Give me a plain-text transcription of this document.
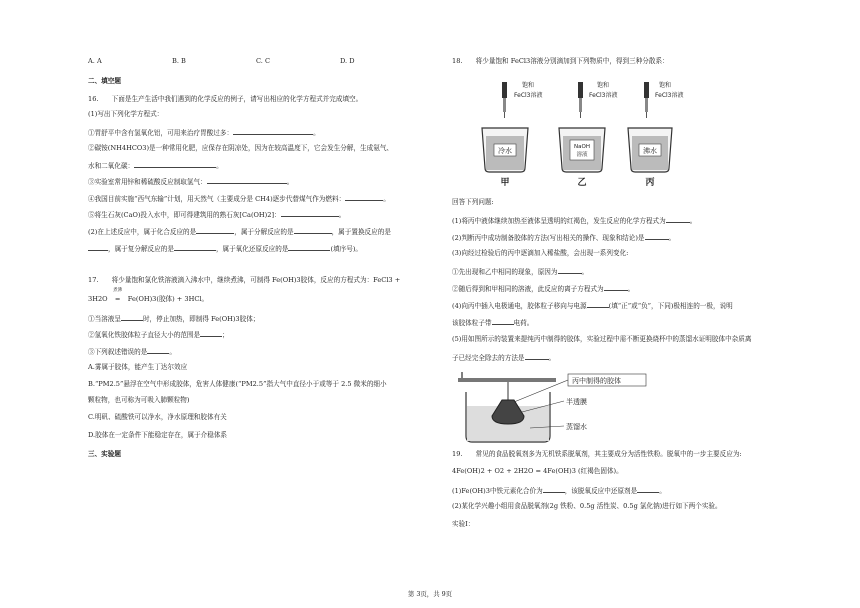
A. A	B. B	C. C	D. D
二、填空题
16.　　下面是生产生活中我们遇到的化学反应的例子，请写出相应的化学方程式并完成填空。
(1)写出下列化学方程式：
①胃舒平中含有氢氧化铝，可用来治疗胃酸过多：	。
②碳铵(NH4HCO3)是一种常用化肥，应保存在阴凉处，因为在较高温度下，它会发生分解，生成氨气、
水和二氧化碳：	。
③实验室常用锌和稀硫酸反应制取氢气：	。
④我国目前实施“西气东输”计划，用天然气（主要成分是 CH4)逐步代替煤气作为燃料：	。
⑤将生石灰(CaO)投入水中，即可得建筑用的熟石灰[Ca(OH)2]：	。
(2)在上述反应中，属于化合反应的是	，属于分解反应的是	，属于置换反应的是
，属于复分解反应的是	，属于氧化还原反应的是	(填序号)。
17.　　将少量饱和氯化铁溶液滴入沸水中，继续煮沸，可制得 Fe(OH)3胶体，反应的方程式为：FeCl3 +
3H2O
煮沸
= Fe(OH)3(胶体) + 3HCl。
①当溶液呈	时，停止加热，即制得 Fe(OH)3胶体；
②氢氧化铁胶体粒子直径大小的范围是	；
③下列叙述错误的是	。
A.雾属于胶体，能产生丁达尔效应
B.“PM2.5”悬浮在空气中形成胶体，危害人体健康(“PM2.5”指大气中直径小于或等于 2.5 微米的细小
颗粒物，也可称为可吸入肺颗粒物)
C.明矾、硫酸铁可以净水，净水原理和胶体有关
D.胶体在一定条件下能稳定存在，属于介稳体系
三、实验题
18.　　将少量饱和 FeCl3溶液分别滴加到下列物质中，得到三种分散系：
饱和
FeCl3溶液
饱和
FeCl3溶液
饱和
FeCl3溶液
冷水	NaOH
溶液	沸水
甲	乙	丙
回答下列问题:
(1)将丙中液体继续加热至液体呈透明的红褐色，发生反应的化学方程式为	。
(2)判断丙中成功制备胶体的方法(写出相关的操作、现象和结论)是	。
(3)向经过检验后的丙中逐滴加入稀盐酸，会出现一系列变化:
①先出现和乙中相同的现象，原因为	。
②随后得到和甲相同的溶液，此反应的离子方程式为	。
(4)向丙中插入电极通电，胶体粒子移向与电源	(填“正”或“负”，下同)极相连的一极，说明
该胶体粒子带	电荷。
(5)用如图所示的装置来提纯丙中制得的胶体，实验过程中需不断更换烧杯中的蒸馏水证明胶体中杂质离
子已经完全除去的方法是	。
丙中制得的胶体
半透膜
蒸馏水
19.　　常见的食品脱氧剂多为无机铁系脱氧剂，其主要成分为活性铁粉。脱氧中的一步主要反应为:
4Fe(OH)2 + O2 + 2H2O = 4Fe(OH)3 (红褐色固体)。
(1)Fe(OH)3中铁元素化合价为	，该脱氧反应中还原剂是	。
(2)某化学兴趣小组用食品脱氧剂(2g 铁粉、0.5g 活性炭、0.5g 氯化钠)进行如下两个实验。
实验Ⅰ：
第 3页，共 9页
